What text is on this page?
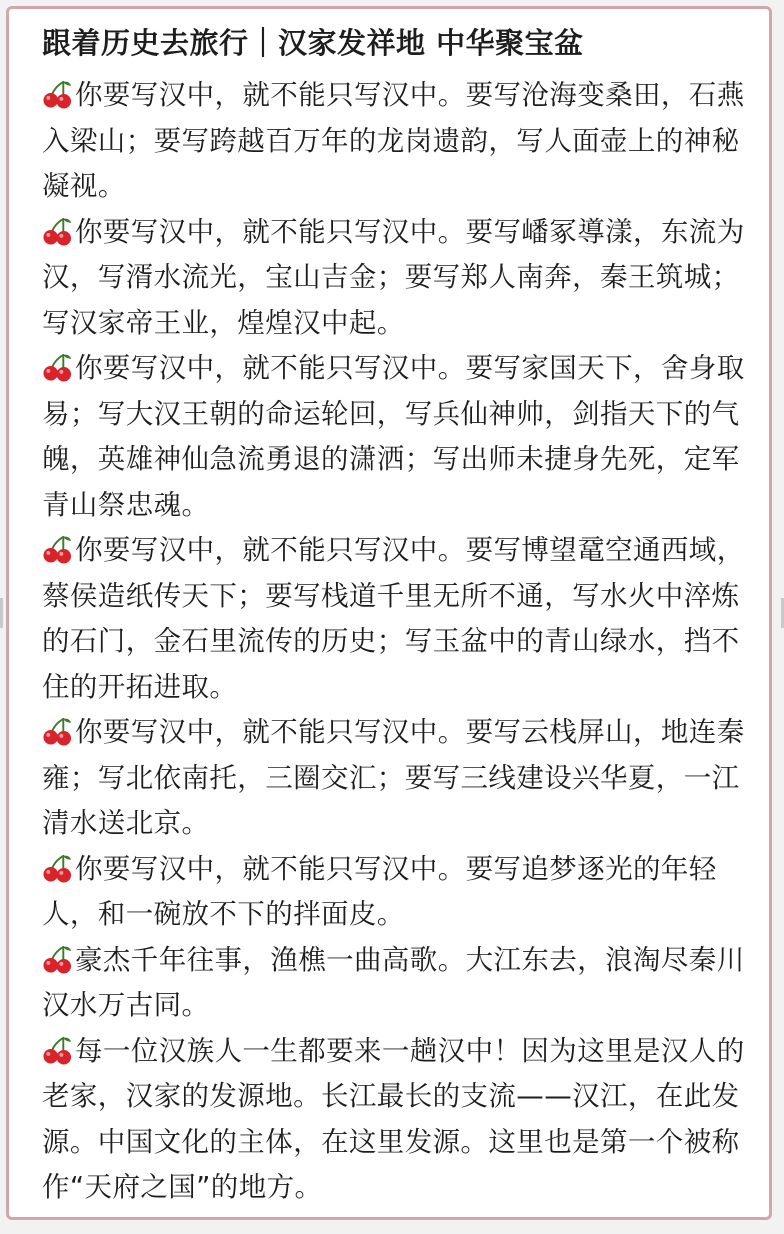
跟着历史去旅行｜汉家发祥地 中华聚宝盆
你要写汉中，就不能只写汉中。要写沧海变桑田，石燕入梁山；要写跨越百万年的龙岗遗韵，写人面壶上的神秘凝视。
你要写汉中，就不能只写汉中。要写嶓冢導漾，东流为汉，写湑水流光，宝山吉金；要写郑人南奔，秦王筑城；写汉家帝王业，煌煌汉中起。
你要写汉中，就不能只写汉中。要写家国天下，舍身取易；写大汉王朝的命运轮回，写兵仙神帅，剑指天下的气魄，英雄神仙急流勇退的潇洒；写出师未捷身先死，定军青山祭忠魂。
你要写汉中，就不能只写汉中。要写博望鼋空通西域，蔡侯造纸传天下；要写栈道千里无所不通，写水火中淬炼的石门，金石里流传的历史；写玉盆中的青山绿水，挡不住的开拓进取。
你要写汉中，就不能只写汉中。要写云栈屏山，地连秦雍；写北依南托，三圈交汇；要写三线建设兴华夏，一江清水送北京。
你要写汉中，就不能只写汉中。要写追梦逐光的年轻人，和一碗放不下的拌面皮。
豪杰千年往事，渔樵一曲高歌。大江东去，浪淘尽秦川汉水万古同。
每一位汉族人一生都要来一趟汉中！因为这里是汉人的老家，汉家的发源地。长江最长的支流——汉江，在此发源。中国文化的主体，在这里发源。这里也是第一个被称作“天府之国”的地方。
